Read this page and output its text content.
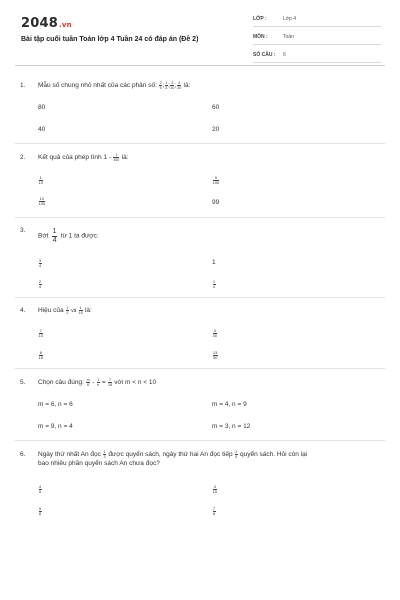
2048.vn
Bài tập cuối tuần Toán lớp 4 Tuần 24 có đáp án (Đề 2)
LỚP :	Lớp 4
MÔN :	Toán
SỐ CÂU :	6
1.	Mẫu số chung nhỏ nhất của các phân số: $\frac{2}{5}$ ; $\frac{1}{4}$ ; $\frac{3}{10}$ ; $\frac{2}{20}$ là:
80	60
40	20
2.	Kết quả của phép tính $1 - \frac{1}{100}$ là:
$\frac{1}{10}$	$\frac{9}{100}$
$\frac{10}{100}$	99
3.
Bớt $\frac{1}{4}$ từ 1 ta được:
$\frac{3}{4}$	1
$\frac{2}{4}$	$\frac{1}{4}$
4.	Hiệu của $\frac{1}{2}$ và $\frac{1}{15}$ là:
$\frac{7}{10}$	$\frac{4}{30}$
$\frac{8}{15}$	$\frac{13}{30}$
5.	Chọn câu đúng: $\frac{m}{6} - \frac{1}{n} = \frac{7}{18}$ với m < n < 10
m = 6, n = 6	m = 4, n = 9
m = 9, n = 4	m = 3, n = 12
6.	Ngày thứ nhất An đọc $\frac{1}{3}$ được quyển sách, ngày thứ hai An đọc tiếp $\frac{2}{5}$ quyển sách. Hỏi còn lại
bao nhiêu phần quyển sách An chưa đọc?
$\frac{4}{5}$	$\frac{4}{15}$
$\frac{5}{8}$	$\frac{7}{8}$
